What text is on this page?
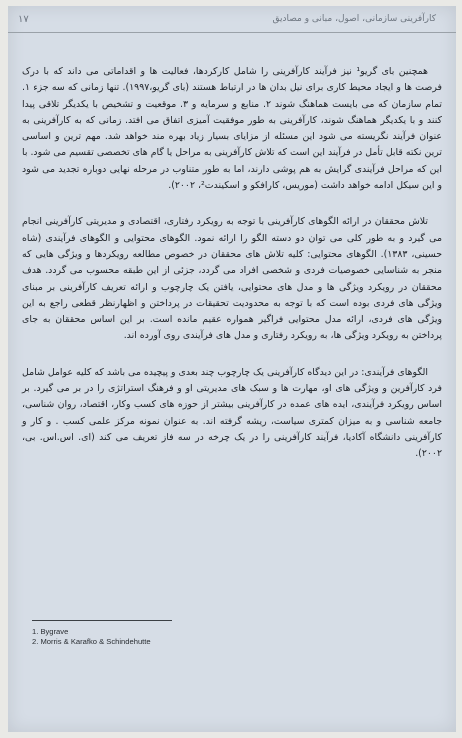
۱۷	کارآفرینی سازمانی، اصول، مبانی و مصادیق

همچنین بای گریو¹ نیز فرآیند کارآفرینی را شامل کارکردها، فعالیت ها و اقداماتی می داند که با درک فرصت ها و ایجاد محیط کاری برای نیل بدان ها در ارتباط هستند (بای گریو،۱۹۹۷). تنها زمانی که سه جزء ۱. تمام سازمان که می بایست هماهنگ شوند ۲. منابع و سرمایه و ۳. موقعیت و تشخیص با یکدیگر تلاقی پیدا کنند و با یکدیگر هماهنگ شوند، کارآفرینی به طور موفقیت آمیزی اتفاق می افتد. زمانی که به کارآفرینی به عنوان فرآیند نگریسته می شود این مسئله از مزایای بسیار زیاد بهره مند خواهد شد. مهم ترین و اساسی ترین نکته قابل تأمل در فرآیند این است که تلاش کارآفرینی به مراحل یا گام های تخصصی تقسیم می شود. با این که مراحل فرآیندی گرایش به هم پوشی دارند، اما به طور متناوب در مرحله نهایی دوباره تجدید می شود و این سیکل ادامه خواهد داشت (موریس، کارافکو و اسکیندت²، ۲۰۰۲).

تلاش محققان در ارائه الگوهای کارآفرینی با توجه به رویکرد رفتاری، اقتصادی و مدیریتی کارآفرینی انجام می گیرد و به طور کلی می توان دو دسته الگو را ارائه نمود. الگوهای محتوایی و الگوهای فرآیندی (شاه حسینی، ۱۳۸۳). الگوهای محتوایی: کلیه تلاش های محققان در خصوص مطالعه رویکردها و ویژگی هایی که منجر به شناسایی خصوصیات فردی و شخصی افراد می گردد، جزئی از این طبقه محسوب می گردد. هدف محققان در رویکرد ویژگی ها و مدل های محتوایی، یافتن یک چارچوب و ارائه تعریف کارآفرینی بر مبنای ویژگی های فردی بوده است که با توجه به محدودیت تحقیقات در پرداختن و اظهارنظر قطعی راجع به این ویژگی های فردی، ارائه مدل محتوایی فراگیر همواره عقیم مانده است. بر این اساس محققان به جای پرداختن به رویکرد ویژگی ها، به رویکرد رفتاری و مدل های فرآیندی روی آورده اند.

الگوهای فرآیندی: در این دیدگاه کارآفرینی یک چارچوب چند بعدی و پیچیده می باشد که کلیه عوامل شامل فرد کارآفرین و ویژگی های او، مهارت ها و سبک های مدیریتی او و فرهنگ استراتژی را در بر می گیرد. بر اساس رویکرد فرآیندی، ایده های عمده در کارآفرینی بیشتر از حوزه های کسب وکار، اقتصاد، روان شناسی، جامعه شناسی و به میزان کمتری سیاست، ریشه گرفته اند. به عنوان نمونه مرکز علمی کسب . و کار و کارآفرینی دانشگاه آکادیا، فرآیند کارآفرینی را در یک چرخه در سه فاز تعریف می کند (ای. اس.اس. بی، ۲۰۰۲).

1. Bygrave
2. Morris & Karafko & Schindehutte
